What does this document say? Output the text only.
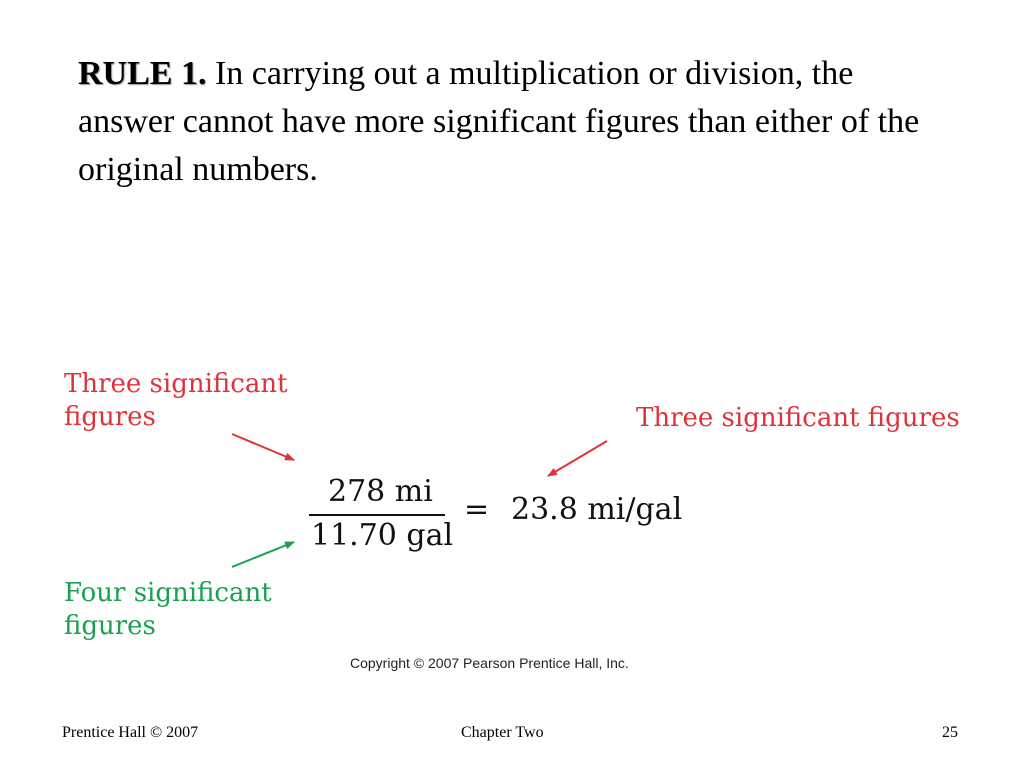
RULE 1. In carrying out a multiplication or division, the answer cannot have more significant figures than either of the original numbers.

Three significant
figures	Three significant figures

Four significant
figures

278 mi

11.70 gal

= 23.8 mi/gal

Copyright © 2007 Pearson Prentice Hall, Inc.

Prentice Hall © 2007	Chapter Two	25
